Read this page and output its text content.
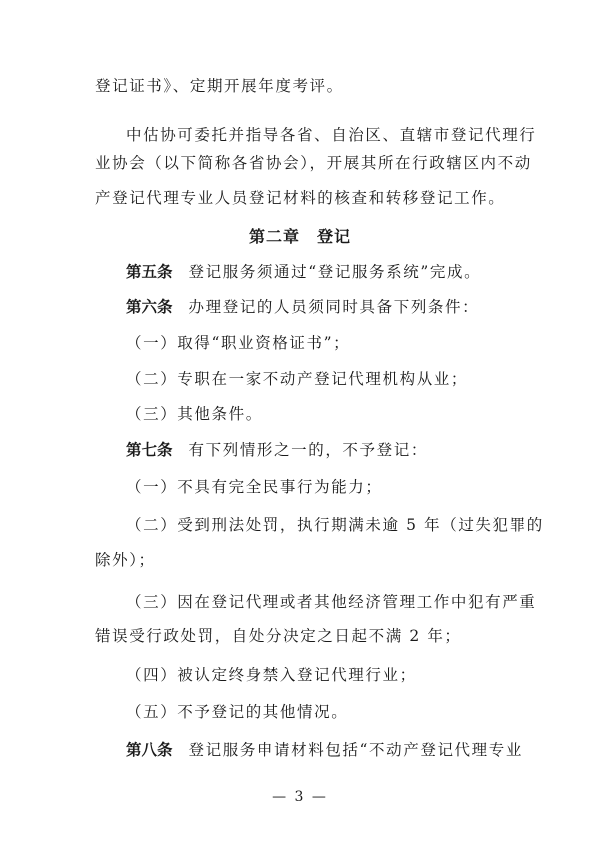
登记证书》、定期开展年度考评。
中估协可委托并指导各省、自治区、直辖市登记代理行
业协会（以下简称各省协会），开展其所在行政辖区内不动
产登记代理专业人员登记材料的核查和转移登记工作。
第二章　登记
第五条 登记服务须通过“登记服务系统”完成。
第六条 办理登记的人员须同时具备下列条件：
（一）取得“职业资格证书”；
（二）专职在一家不动产登记代理机构从业；
（三）其他条件。
第七条 有下列情形之一的，不予登记：
（一）不具有完全民事行为能力；
（二）受到刑法处罚，执行期满未逾 5 年（过失犯罪的
除外）；
（三）因在登记代理或者其他经济管理工作中犯有严重
错误受行政处罚，自处分决定之日起不满 2 年；
（四）被认定终身禁入登记代理行业；
（五）不予登记的其他情况。
第八条 登记服务申请材料包括“不动产登记代理专业
— 3 —
